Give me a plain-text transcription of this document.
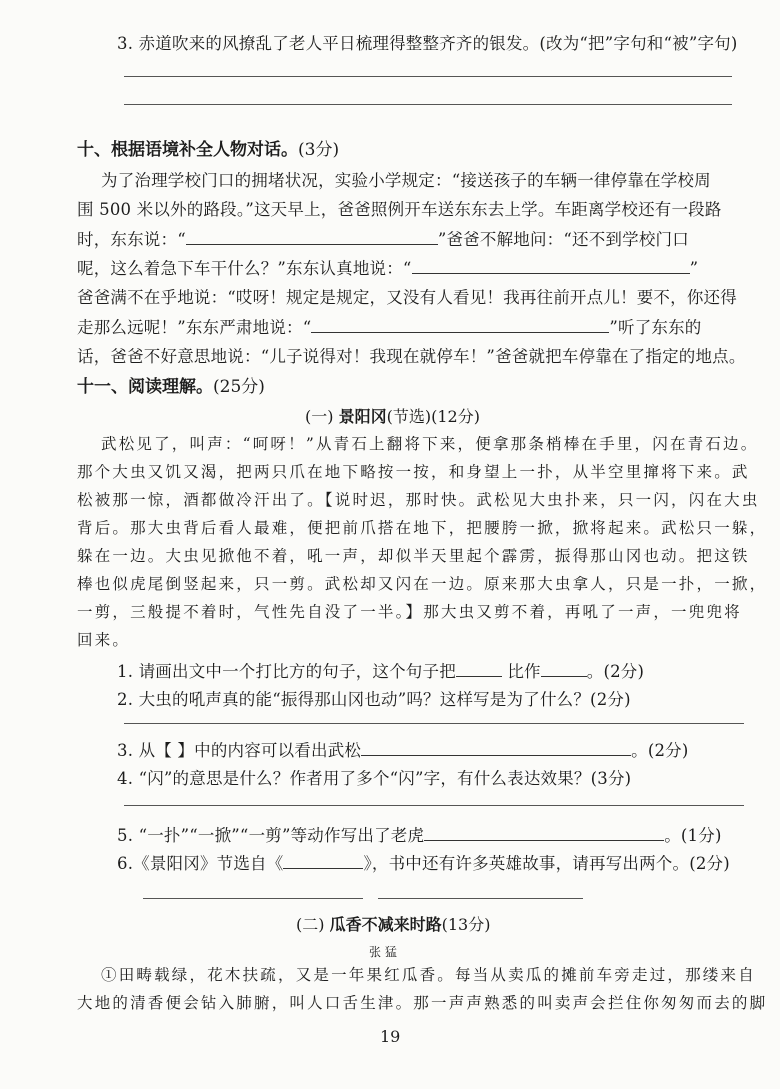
3. 赤道吹来的风撩乱了老人平日梳理得整整齐齐的银发。(改为“把”字句和“被”字句)
十、根据语境补全人物对话。(3分)
为了治理学校门口的拥堵状况，实验小学规定：“接送孩子的车辆一律停靠在学校周
围 500 米以外的路段。”这天早上，爸爸照例开车送东东去上学。车距离学校还有一段路
时，东东说：“	”爸爸不解地问：“还不到学校门口
呢，这么着急下车干什么？”东东认真地说：“	”
爸爸满不在乎地说：“哎呀！规定是规定，又没有人看见！我再往前开点儿！要不，你还得
走那么远呢！”东东严肃地说：“	”听了东东的
话，爸爸不好意思地说：“儿子说得对！我现在就停车！”爸爸就把车停靠在了指定的地点。
十一、阅读理解。(25分)
(一) 景阳冈(节选)(12分)
武松见了，叫声：“呵呀！”从青石上翻将下来，便拿那条梢棒在手里，闪在青石边。
那个大虫又饥又渴，把两只爪在地下略按一按，和身望上一扑，从半空里撺将下来。武
松被那一惊，酒都做冷汗出了。【说时迟，那时快。武松见大虫扑来，只一闪，闪在大虫
背后。那大虫背后看人最难，便把前爪搭在地下，把腰胯一掀，掀将起来。武松只一躲，
躲在一边。大虫见掀他不着，吼一声，却似半天里起个霹雳，振得那山冈也动。把这铁
棒也似虎尾倒竖起来，只一剪。武松却又闪在一边。原来那大虫拿人，只是一扑，一掀，
一剪，三般提不着时，气性先自没了一半。】那大虫又剪不着，再吼了一声，一兜兜将
回来。
1. 请画出文中一个打比方的句子，这个句子把	比作	。(2分)
2. 大虫的吼声真的能“振得那山冈也动”吗？这样写是为了什么？(2分)
3. 从【 】中的内容可以看出武松	。(2分)
4. “闪”的意思是什么？作者用了多个“闪”字，有什么表达效果？(3分)
5. “一扑”“一掀”“一剪”等动作写出了老虎	。(1分)
6.《景阳冈》节选自《	》，书中还有许多英雄故事，请再写出两个。(2分)
(二) 瓜香不减来时路(13分)
张 猛
①田畴载绿，花木扶疏，又是一年果红瓜香。每当从卖瓜的摊前车旁走过，那缕来自
大地的清香便会钻入肺腑，叫人口舌生津。那一声声熟悉的叫卖声会拦住你匆匆而去的脚
19
